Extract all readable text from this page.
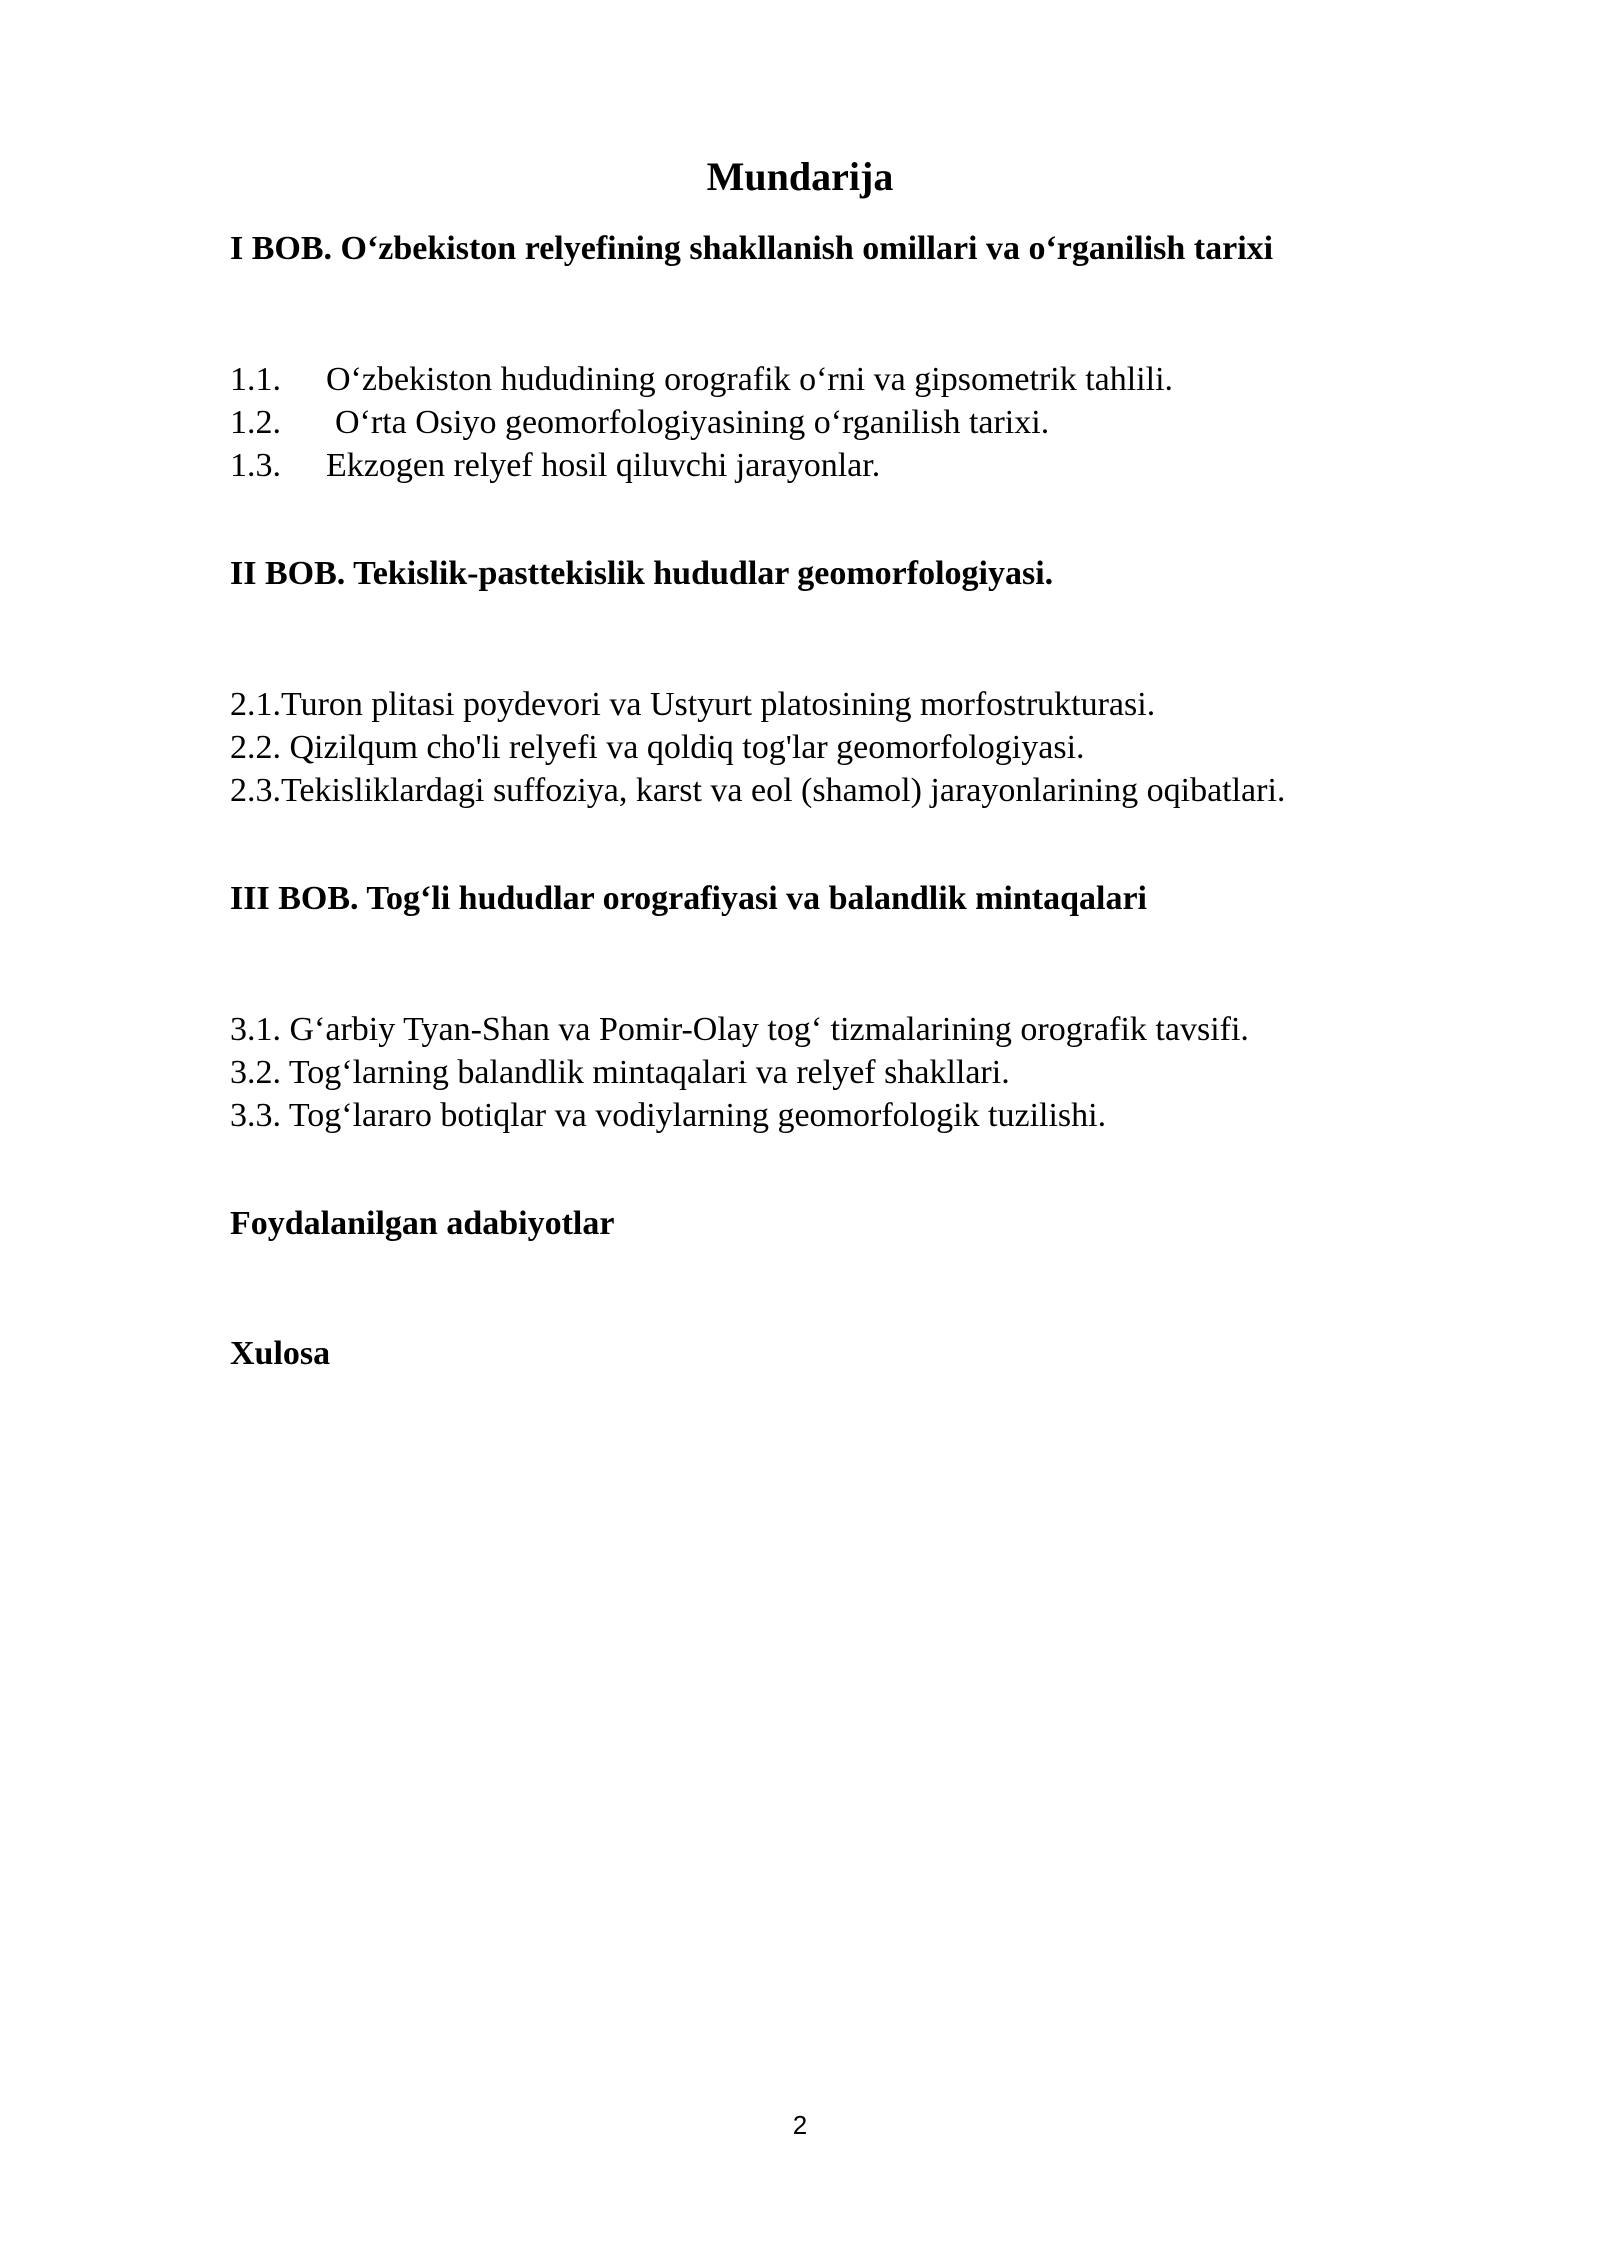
Mundarija
I BOB. O‘zbekiston relyefining shakllanish omillari va o‘rganilish tarixi
1.1. O‘zbekiston hududining orografik o‘rni va gipsometrik tahlili.
1.2. O‘rta Osiyo geomorfologiyasining o‘rganilish tarixi.
1.3. Ekzogen relyef hosil qiluvchi jarayonlar.
II BOB. Tekislik-pasttekislik hududlar geomorfologiyasi.
2.1.Turon plitasi poydevori va Ustyurt platosining morfostrukturasi.
2.2. Qizilqum cho'li relyefi va qoldiq tog'lar geomorfologiyasi.
2.3.Tekisliklardagi suffoziya, karst va eol (shamol) jarayonlarining oqibatlari.
III BOB. Tog‘li hududlar orografiyasi va balandlik mintaqalari
3.1. G‘arbiy Tyan-Shan va Pomir-Olay tog‘ tizmalarining orografik tavsifi.
3.2. Tog‘larning balandlik mintaqalari va relyef shakllari.
3.3. Tog‘lararo botiqlar va vodiylarning geomorfologik tuzilishi.
Foydalanilgan adabiyotlar
Xulosa
2
